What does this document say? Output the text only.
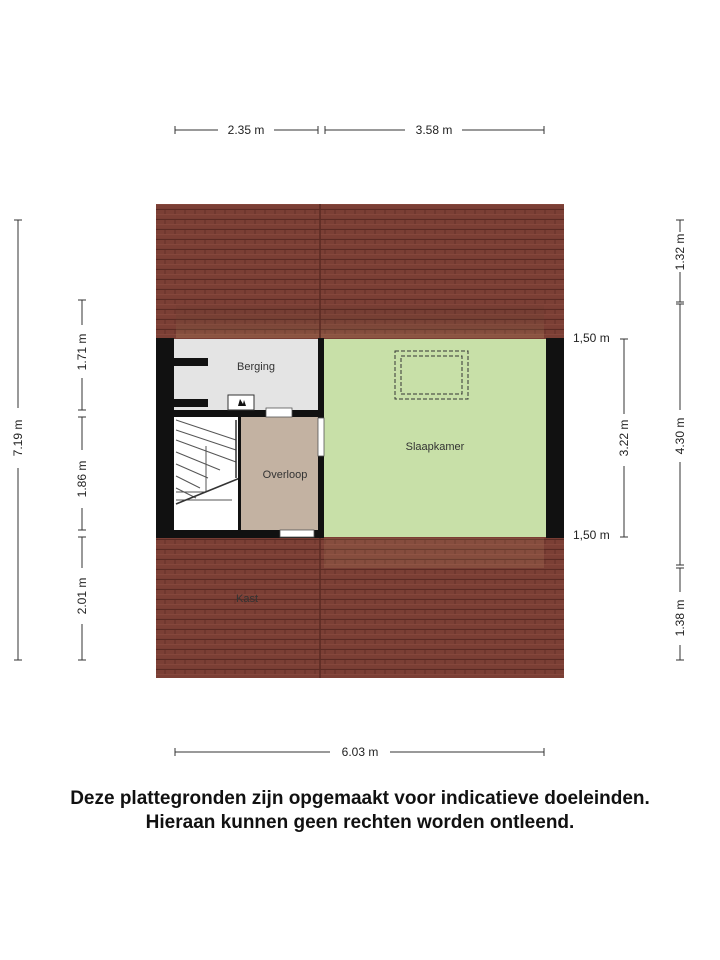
Berging
Overloop
Slaapkamer
Kast
2.35 m	3.58 m
6.03 m
7.19 m
1.71 m
1.86 m
2.01 m
1.32 m
4.30 m
1.38 m
3.22 m
1,50 m
1,50 m
Deze plattegronden zijn opgemaakt voor indicatieve doeleinden.
Hieraan kunnen geen rechten worden ontleend.
